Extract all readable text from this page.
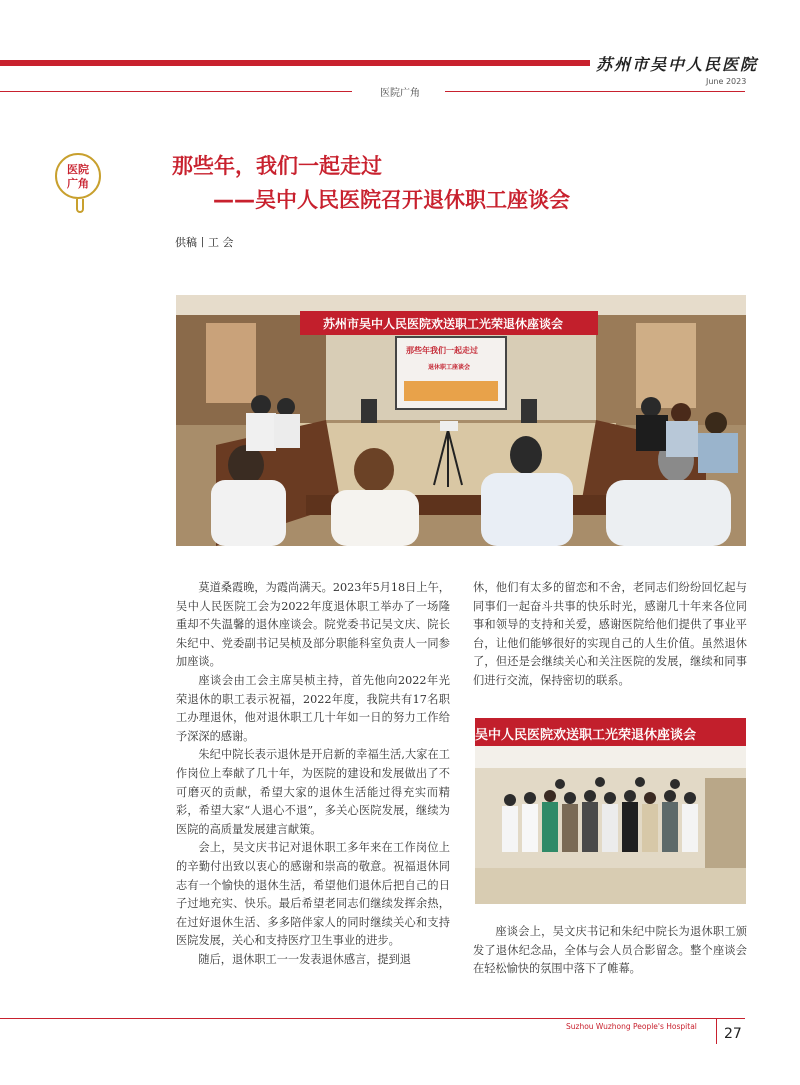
苏州市吴中人民医院
June 2023
医院广角
医院
广角
那些年，我们一起走过
——吴中人民医院召开退休职工座谈会
供稿丨工 会
苏州市吴中人民医院欢送职工光荣退休座谈会
那些年我们一起走过
退休职工座谈会

莫道桑霞晚，为霞尚满天。2023年5月18日上午，吴中人民医院工会为2022年度退休职工举办了一场隆重却不失温馨的退休座谈会。院党委书记吴文庆、院长朱纪中、党委副书记吴桢及部分职能科室负责人一同参加座谈。

座谈会由工会主席吴桢主持，首先他向2022年光荣退休的职工表示祝福，2022年度，我院共有17名职工办理退休，他对退休职工几十年如一日的努力工作给予深深的感谢。

朱纪中院长表示退休是开启新的幸福生活,大家在工作岗位上奉献了几十年，为医院的建设和发展做出了不可磨灭的贡献，希望大家的退休生活能过得充实而精彩，希望大家“人退心不退”，多关心医院发展，继续为医院的高质量发展建言献策。

会上，吴文庆书记对退休职工多年来在工作岗位上的辛勤付出致以衷心的感谢和崇高的敬意。祝福退休同志有一个愉快的退休生活，希望他们退休后把自己的日子过地充实、快乐。最后希望老同志们继续发挥余热，在过好退休生活、多多陪伴家人的同时继续关心和支持医院发展，关心和支持医疗卫生事业的进步。

随后，退休职工一一发表退休感言，提到退

休，他们有太多的留恋和不舍，老同志们纷纷回忆起与同事们一起奋斗共事的快乐时光，感谢几十年来各位同事和领导的支持和关爱，感谢医院给他们提供了事业平台，让他们能够很好的实现自己的人生价值。虽然退休了，但还是会继续关心和关注医院的发展，继续和同事们进行交流，保持密切的联系。

吴中人民医院欢送职工光荣退休座谈会

座谈会上，吴文庆书记和朱纪中院长为退休职工颁发了退休纪念品，全体与会人员合影留念。整个座谈会在轻松愉快的氛围中落下了帷幕。

Suzhou Wuzhong People's Hospital 27
